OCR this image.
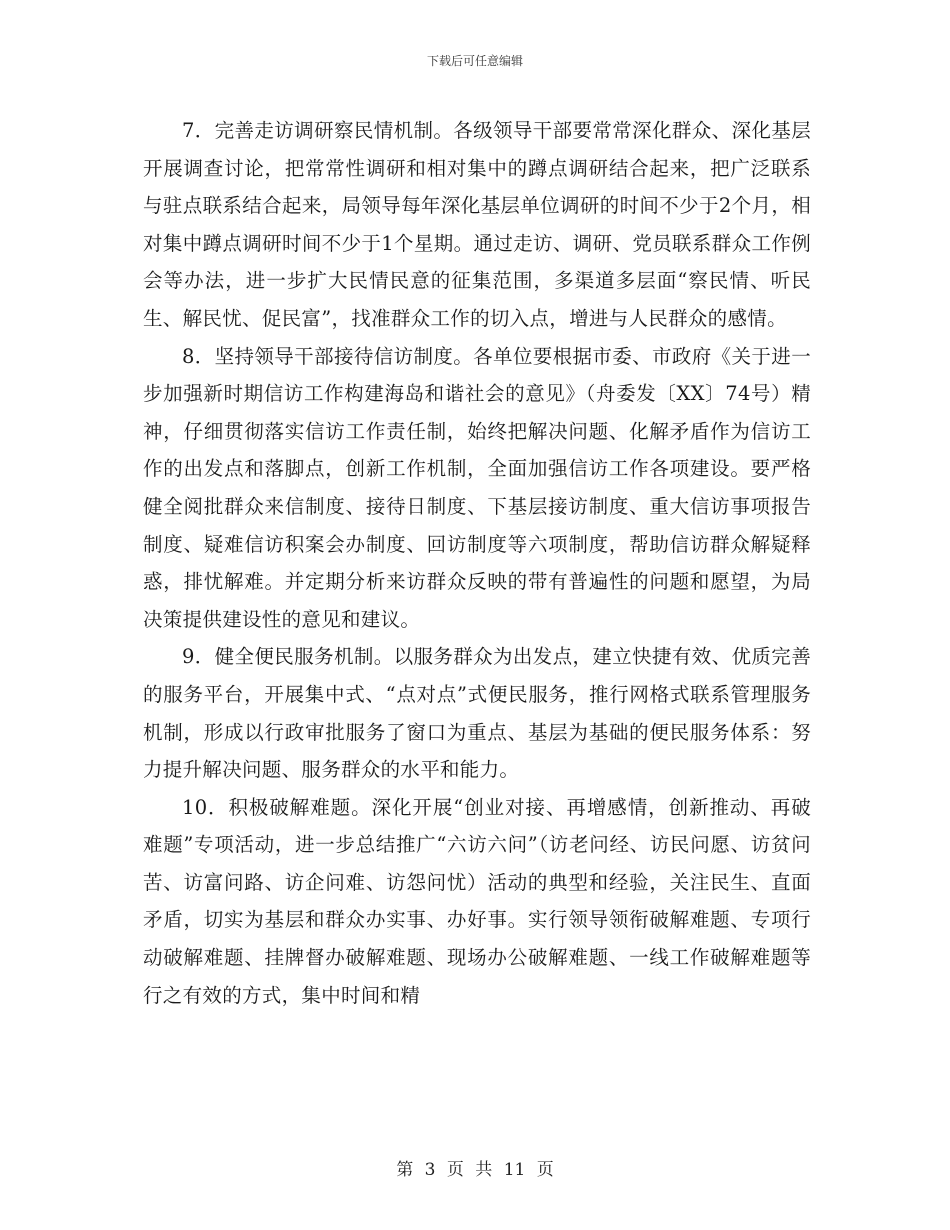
下载后可任意编辑

7．完善走访调研察民情机制。各级领导干部要常常深化群众、深化基层开展调查讨论，把常常性调研和相对集中的蹲点调研结合起来，把广泛联系与驻点联系结合起来，局领导每年深化基层单位调研的时间不少于2个月，相对集中蹲点调研时间不少于1个星期。通过走访、调研、党员联系群众工作例会等办法，进一步扩大民情民意的征集范围，多渠道多层面“察民情、听民生、解民忧、促民富”，找准群众工作的切入点，增进与人民群众的感情。

8．坚持领导干部接待信访制度。各单位要根据市委、市政府《关于进一步加强新时期信访工作构建海岛和谐社会的意见》（舟委发〔XX〕74号）精神，仔细贯彻落实信访工作责任制，始终把解决问题、化解矛盾作为信访工作的出发点和落脚点，创新工作机制，全面加强信访工作各项建设。要严格健全阅批群众来信制度、接待日制度、下基层接访制度、重大信访事项报告制度、疑难信访积案会办制度、回访制度等六项制度，帮助信访群众解疑释惑，排忧解难。并定期分析来访群众反映的带有普遍性的问题和愿望，为局决策提供建设性的意见和建议。

9．健全便民服务机制。以服务群众为出发点，建立快捷有效、优质完善的服务平台，开展集中式、“点对点”式便民服务，推行网格式联系管理服务机制，形成以行政审批服务了窗口为重点、基层为基础的便民服务体系：努力提升解决问题、服务群众的水平和能力。

10．积极破解难题。深化开展“创业对接、再增感情，创新推动、再破难题”专项活动，进一步总结推广“六访六问”（访老问经、访民问愿、访贫问苦、访富问路、访企问难、访怨问忧）活动的典型和经验，关注民生、直面矛盾，切实为基层和群众办实事、办好事。实行领导领衔破解难题、专项行动破解难题、挂牌督办破解难题、现场办公破解难题、一线工作破解难题等行之有效的方式，集中时间和精

第 3 页 共 11 页
